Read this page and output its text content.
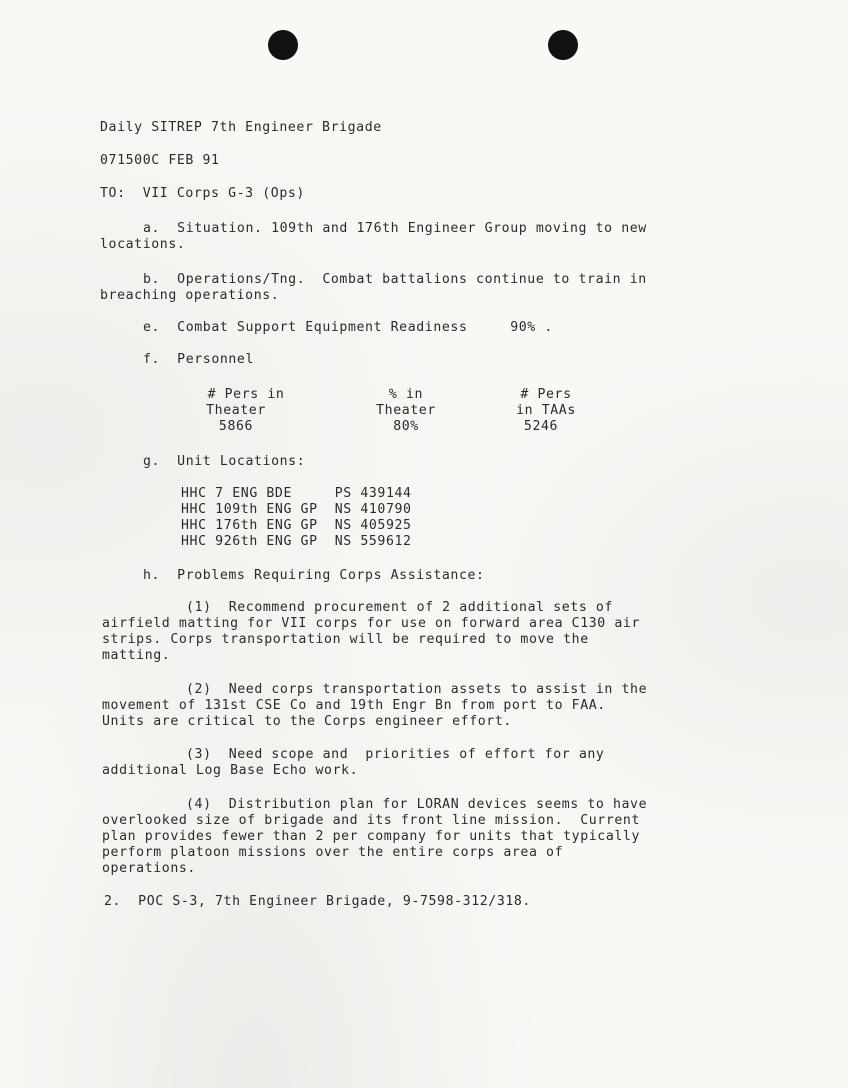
Daily SITREP 7th Engineer Brigade
071500C FEB 91
TO:  VII Corps G-3 (Ops)
a.  Situation. 109th and 176th Engineer Group moving to new
locations.
b.  Operations/Tng.  Combat battalions continue to train in
breaching operations.
e.  Combat Support Equipment Readiness     90% .
f.  Personnel
# Pers in
Theater
5866
% in
Theater
80%
# Pers
in TAAs
5246
g.  Unit Locations:
HHC 7 ENG BDE     PS 439144
HHC 109th ENG GP  NS 410790
HHC 176th ENG GP  NS 405925
HHC 926th ENG GP  NS 559612
h.  Problems Requiring Corps Assistance:
(1)  Recommend procurement of 2 additional sets of
airfield matting for VII corps for use on forward area C130 air
strips. Corps transportation will be required to move the
matting.
(2)  Need corps transportation assets to assist in the
movement of 131st CSE Co and 19th Engr Bn from port to FAA.
Units are critical to the Corps engineer effort.
(3)  Need scope and  priorities of effort for any
additional Log Base Echo work.
(4)  Distribution plan for LORAN devices seems to have
overlooked size of brigade and its front line mission.  Current
plan provides fewer than 2 per company for units that typically
perform platoon missions over the entire corps area of
operations.
2.  POC S-3, 7th Engineer Brigade, 9-7598-312/318.
